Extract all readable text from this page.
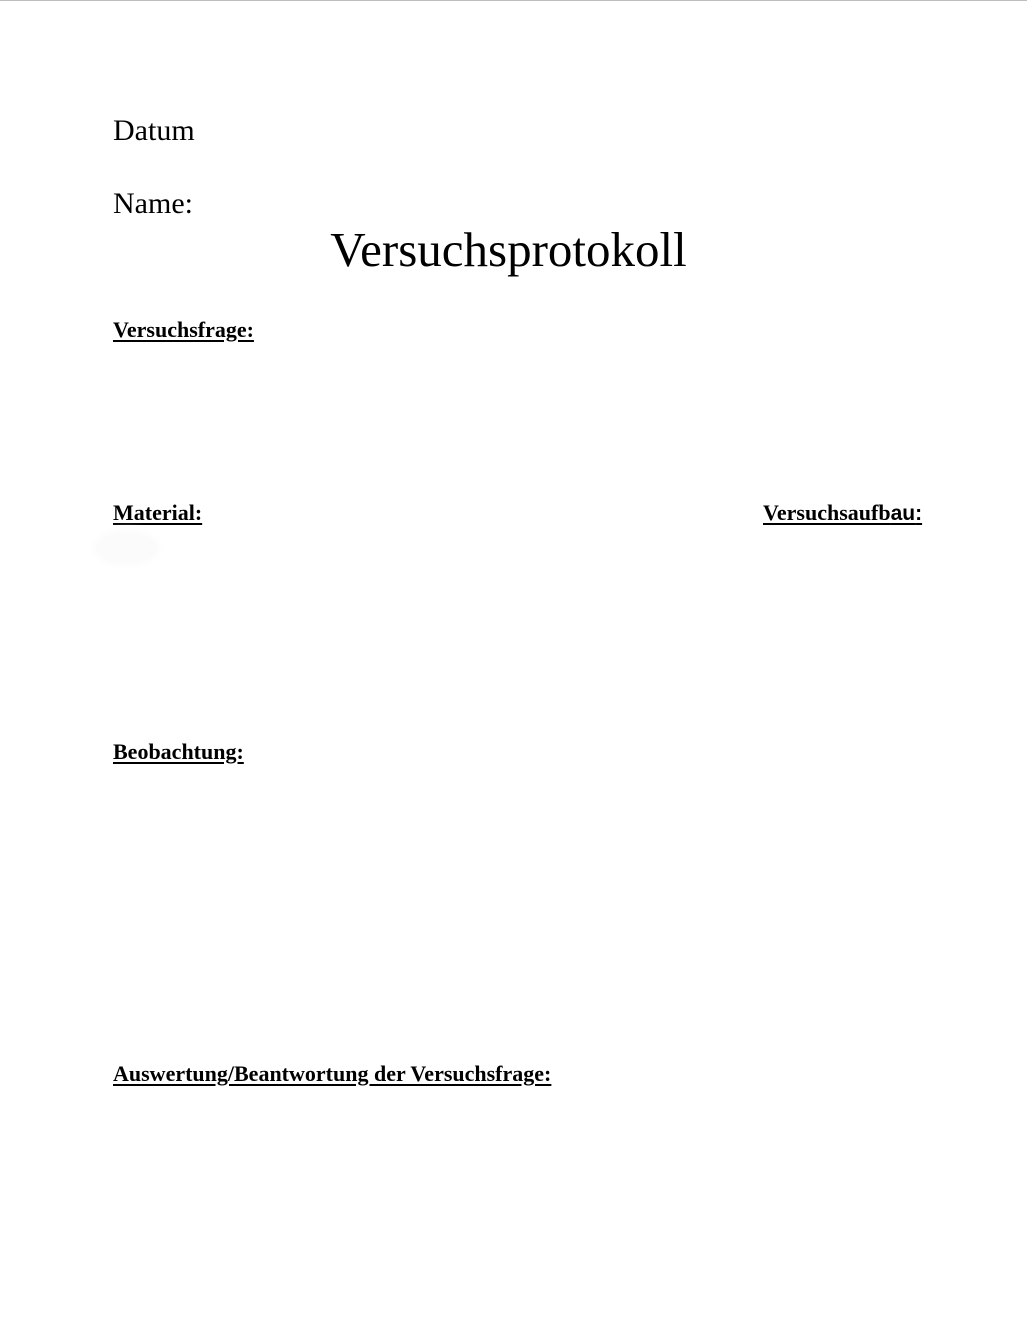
Datum
Name:
Versuchsprotokoll
Versuchsfrage:
Material:	Versuchsaufbau:
Beobachtung:
Auswertung/Beantwortung der Versuchsfrage:
